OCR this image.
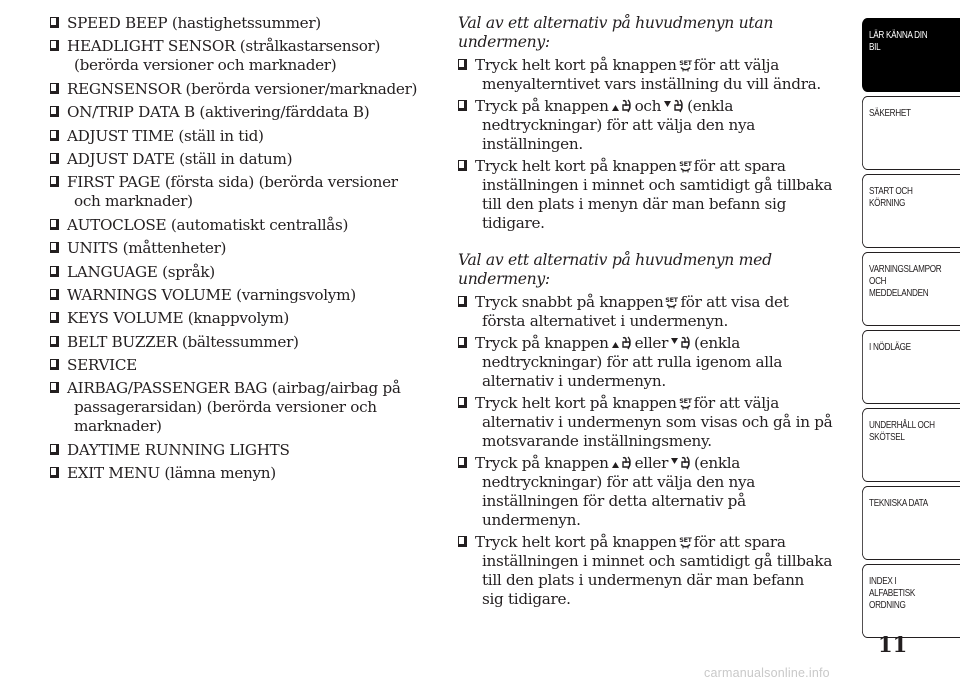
SPEED BEEP (hastighetssummer)

HEADLIGHT SENSOR (strålkastarsensor)
(berörda versioner och marknader)

REGNSENSOR (berörda versioner/marknader)

ON/TRIP DATA B (aktivering/färddata B)

ADJUST TIME (ställ in tid)

ADJUST DATE (ställ in datum)

FIRST PAGE (första sida) (berörda versioner
och marknader)

AUTOCLOSE (automatiskt centrallås)

UNITS (måttenheter)

LANGUAGE (språk)

WARNINGS VOLUME (varningsvolym)

KEYS VOLUME (knappvolym)

BELT BUZZER (bältessummer)

SERVICE

AIRBAG/PASSENGER BAG (airbag/airbag på
passagerarsidan) (berörda versioner och
marknader)

DAYTIME RUNNING LIGHTS

EXIT MENU (lämna menyn)

Val av ett alternativ på huvudmenyn utan
undermeny:

Tryck helt kort på knappen SET för att välja
menyalterntivet vars inställning du vill ändra.

Tryck på knappen och (enkla
nedtryckningar) för att välja den nya
inställningen.

Tryck helt kort på knappen SET för att spara
inställningen i minnet och samtidigt gå tillbaka
till den plats i menyn där man befann sig
tidigare.

Val av ett alternativ på huvudmenyn med
undermeny:

Tryck snabbt på knappen SET för att visa det
första alternativet i undermenyn.

Tryck på knappen eller (enkla
nedtryckningar) för att rulla igenom alla
alternativ i undermenyn.

Tryck helt kort på knappen SET för att välja
alternativ i undermenyn som visas och gå in på
motsvarande inställningsmeny.

Tryck på knappen eller (enkla
nedtryckningar) för att välja den nya
inställningen för detta alternativ på
undermenyn.

Tryck helt kort på knappen SET för att spara
inställningen i minnet och samtidigt gå tillbaka
till den plats i undermenyn där man befann
sig tidigare.

LÄR KÄNNA DIN
BIL
SÄKERHET
START OCH
KÖRNING
VARNINGSLAMPOR
OCH
MEDDELANDEN
I NÖDLÄGE
UNDERHÅLL OCH
SKÖTSEL
TEKNISKA DATA
INDEX I
ALFABETISK
ORDNING
11
carmanualsonline.info
